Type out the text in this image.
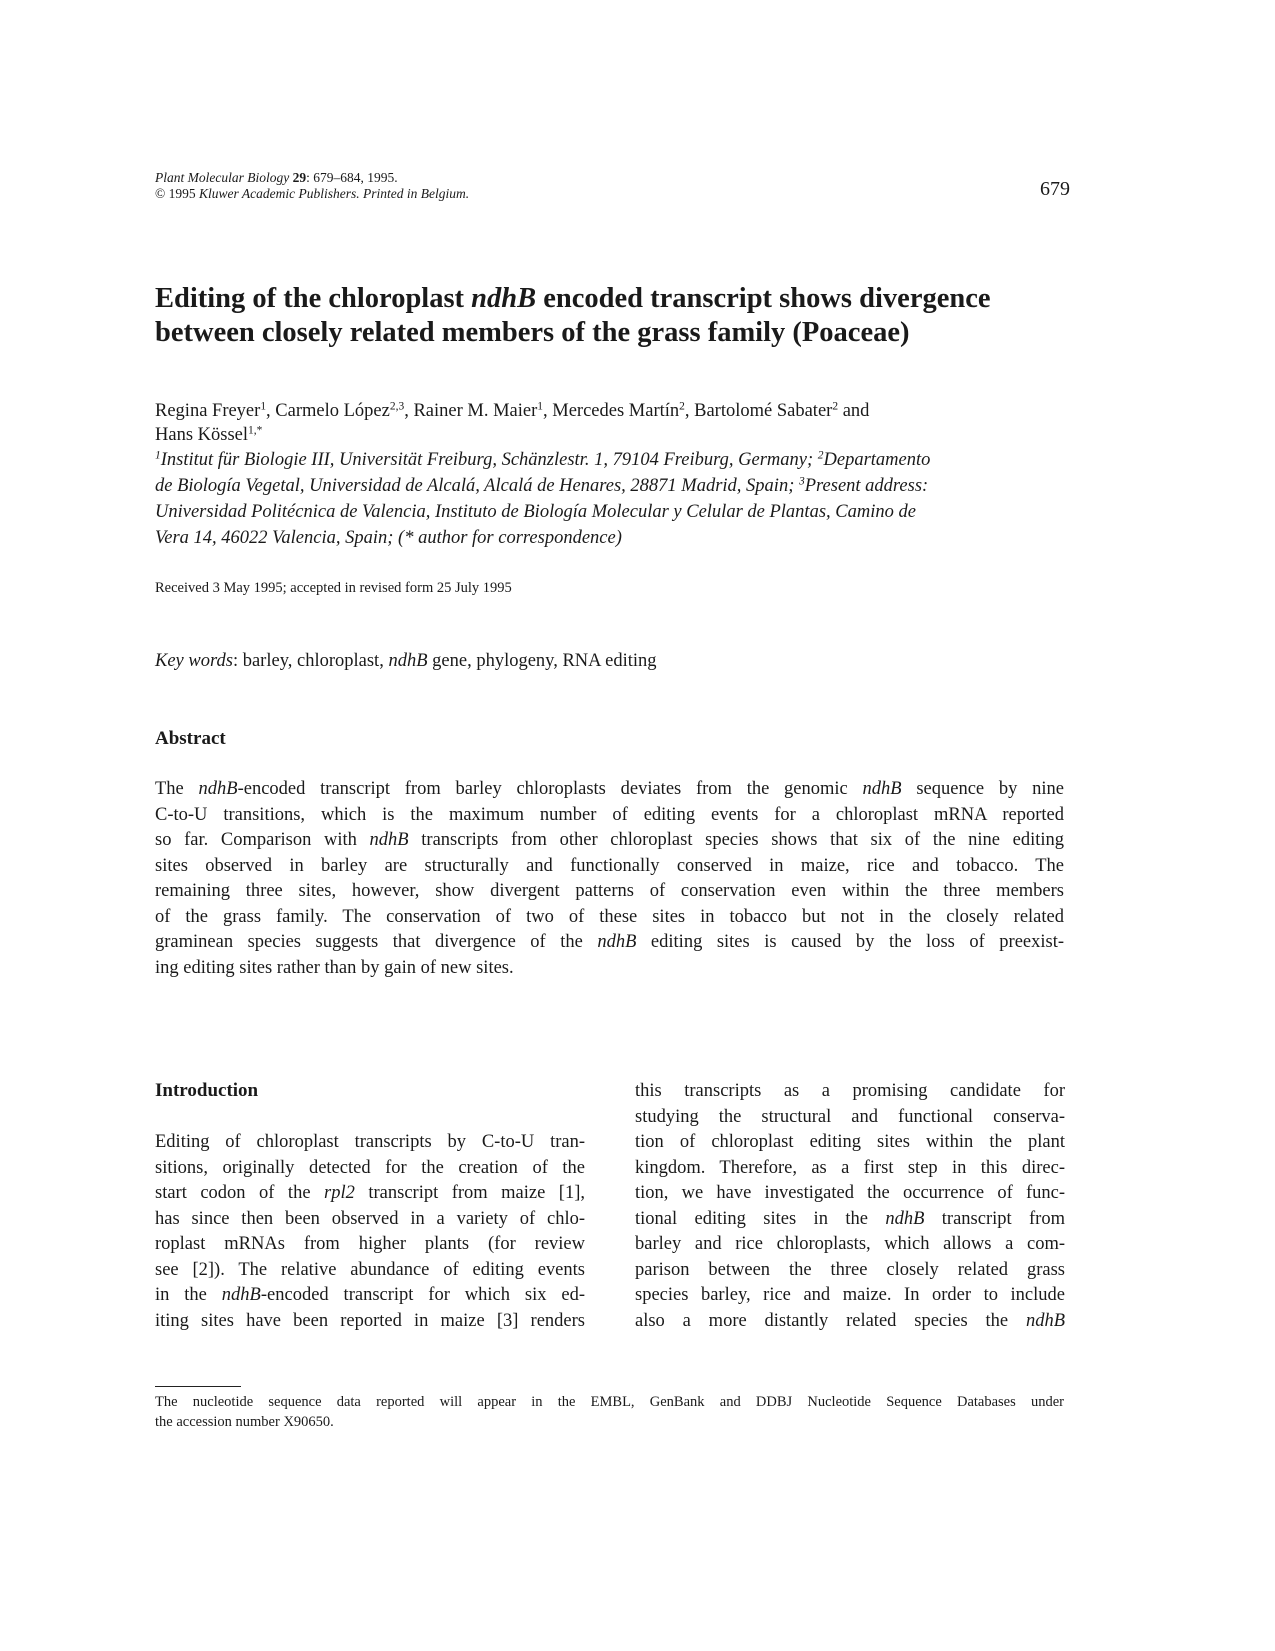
Plant Molecular Biology 29: 679–684, 1995.
© 1995 Kluwer Academic Publishers. Printed in Belgium.	679
Editing of the chloroplast ndhB encoded transcript shows divergence
between closely related members of the grass family (Poaceae)
Regina Freyer$^1$, Carmelo López$^{2,3}$, Rainer M. Maier$^1$, Mercedes Martín$^2$, Bartolomé Sabater$^2$ and
Hans Kössel$^{1,*}$
$^1$Institut für Biologie III, Universität Freiburg, Schänzlestr. 1, 79104 Freiburg, Germany; $^2$Departamento
de Biología Vegetal, Universidad de Alcalá, Alcalá de Henares, 28871 Madrid, Spain; $^3$Present address:
Universidad Politécnica de Valencia, Instituto de Biología Molecular y Celular de Plantas, Camino de
Vera 14, 46022 Valencia, Spain; (* author for correspondence)
Received 3 May 1995; accepted in revised form 25 July 1995
Key words: barley, chloroplast, ndhB gene, phylogeny, RNA editing
Abstract
The ndhB-encoded transcript from barley chloroplasts deviates from the genomic ndhB sequence by nine
C-to-U transitions, which is the maximum number of editing events for a chloroplast mRNA reported
so far. Comparison with ndhB transcripts from other chloroplast species shows that six of the nine editing
sites observed in barley are structurally and functionally conserved in maize, rice and tobacco. The
remaining three sites, however, show divergent patterns of conservation even within the three members
of the grass family. The conservation of two of these sites in tobacco but not in the closely related
graminean species suggests that divergence of the ndhB editing sites is caused by the loss of preexist-
ing editing sites rather than by gain of new sites.
Introduction
Editing of chloroplast transcripts by C-to-U tran-
sitions, originally detected for the creation of the
start codon of the rpl2 transcript from maize [1],
has since then been observed in a variety of chlo-
roplast mRNAs from higher plants (for review
see [2]). The relative abundance of editing events
in the ndhB-encoded transcript for which six ed-
iting sites have been reported in maize [3] renders
this transcripts as a promising candidate for
studying the structural and functional conserva-
tion of chloroplast editing sites within the plant
kingdom. Therefore, as a first step in this direc-
tion, we have investigated the occurrence of func-
tional editing sites in the ndhB transcript from
barley and rice chloroplasts, which allows a com-
parison between the three closely related grass
species barley, rice and maize. In order to include
also a more distantly related species the ndhB
The nucleotide sequence data reported will appear in the EMBL, GenBank and DDBJ Nucleotide Sequence Databases under
the accession number X90650.
